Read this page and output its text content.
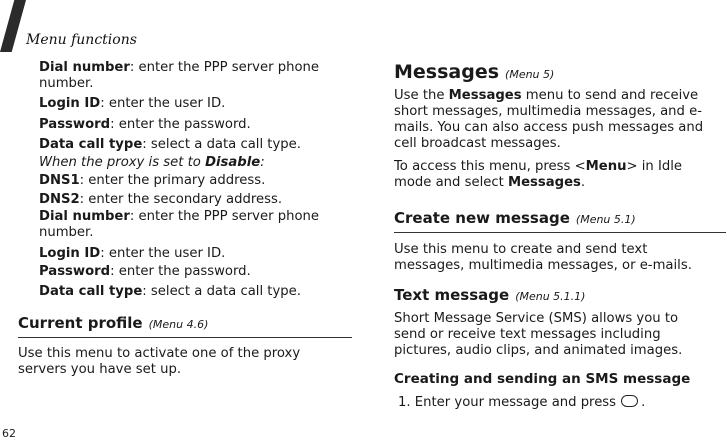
Menu functions
Dial number: enter the PPP server phone number.
Login ID: enter the user ID.
Password: enter the password.
Data call type: select a data call type.
When the proxy is set to Disable:
DNS1: enter the primary address.
DNS2: enter the secondary address.
Dial number: enter the PPP server phone number.
Login ID: enter the user ID.
Password: enter the password.
Data call type: select a data call type.
Current profile (Menu 4.6)
Use this menu to activate one of the proxy servers you have set up.
Messages (Menu 5)
Use the Messages menu to send and receive short messages, multimedia messages, and e-mails. You can also access push messages and cell broadcast messages.
To access this menu, press <Menu> in Idle mode and select Messages.
Create new message (Menu 5.1)
Use this menu to create and send text messages, multimedia messages, or e-mails.
Text message (Menu 5.1.1)
Short Message Service (SMS) allows you to send or receive text messages including pictures, audio clips, and animated images.
Creating and sending an SMS message
1. Enter your message and press .
62
